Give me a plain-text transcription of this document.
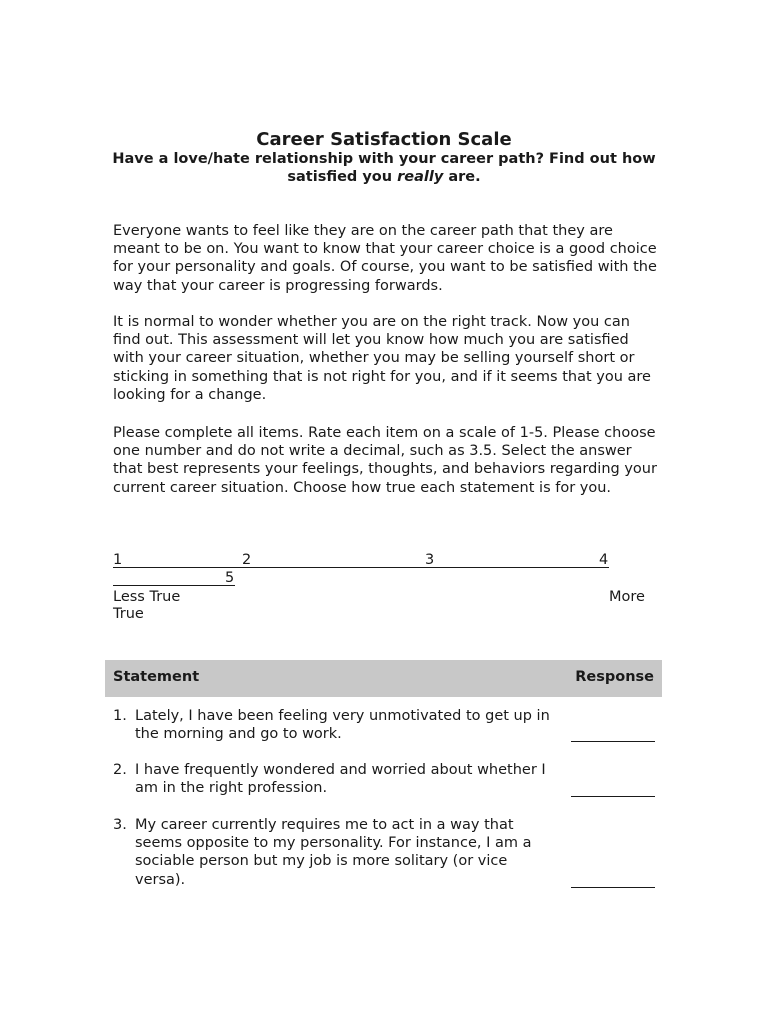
Career Satisfaction Scale
Have a love/hate relationship with your career path? Find out how satisfied you really are.

Everyone wants to feel like they are on the career path that they are meant to be on. You want to know that your career choice is a good choice for your personality and goals. Of course, you want to be satisfied with the way that your career is progressing forwards.

It is normal to wonder whether you are on the right track. Now you can find out. This assessment will let you know how much you are satisfied with your career situation, whether you may be selling yourself short or sticking in something that is not right for you, and if it seems that you are looking for a change.

Please complete all items. Rate each item on a scale of 1-5. Please choose one number and do not write a decimal, such as 3.5. Select the answer that best represents your feelings, thoughts, and behaviors regarding your current career situation. Choose how true each statement is for you.

1	2	3	4
5
Less True	More
True
Statement	Response
1. Lately, I have been feeling very unmotivated to get up in the morning and go to work.
2. I have frequently wondered and worried about whether I am in the right profession.
3. My career currently requires me to act in a way that seems opposite to my personality. For instance, I am a sociable person but my job is more solitary (or vice versa).
